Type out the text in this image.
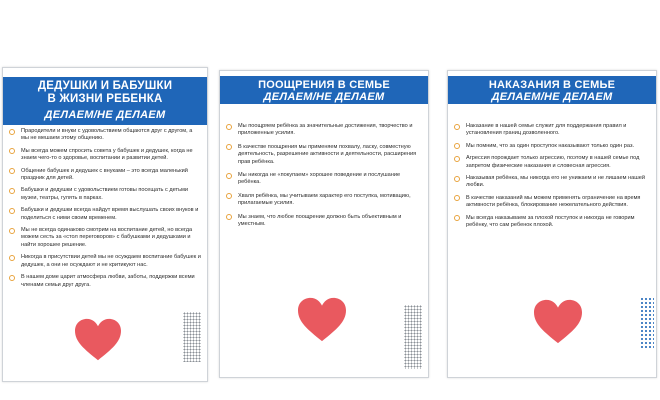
ДЕДУШКИ И БАБУШКИ
В ЖИЗНИ РЕБЕНКА
ДЕЛАЕМ/НЕ ДЕЛАЕМ
Прародители и внуки с удовольствием общаются друг с другом, а мы не мешаем этому общению.
Мы всегда можем спросить совета у бабушек и дедушек, когда не знаем чего-то о здоровье, воспитании и развитии детей.
Общение бабушек и дедушек с внуками – это всегда маленький праздник для детей.
Бабушки и дедушки с удовольствием готовы посещать с детьми музеи, театры, гулять в парках.
Бабушки и дедушки всегда найдут время выслушать своих внуков и поделиться с ними своим временем.
Мы не всегда одинаково смотрим на воспитание детей, но всегда можем сесть за «стол переговоров» с бабушками и дедушками и найти хорошее решение.
Никогда в присутствии детей мы не осуждаем воспитание бабушек и дедушек, а они не осуждают и не критикуют нас.
В нашем доме царит атмосфера любви, заботы, поддержки всеми членами семьи друг друга.
ПООЩРЕНИЯ В СЕМЬЕ
ДЕЛАЕМ/НЕ ДЕЛАЕМ
Мы поощряем ребёнка за значительные достижения, творчество и приложенные усилия.
В качестве поощрения мы применяем похвалу, ласку, совместную деятельность, разрешение активности и деятельности, расширения прав ребёнка.
Мы никогда не «покупаем» хорошее поведение и послушание ребёнка.
Хваля ребёнка, мы учитываем характер его поступка, мотивацию, прилагаемые усилия.
Мы знаем, что любое поощрение должно быть объективным и уместным.
НАКАЗАНИЯ В СЕМЬЕ
ДЕЛАЕМ/НЕ ДЕЛАЕМ
Наказание в нашей семье служит для поддержания правил и установления границ дозволенного.
Мы помним, что за один проступок наказывают только один раз.
Агрессия порождает только агрессию, поэтому в нашей семье под запретом физические наказания и словесная агрессия.
Наказывая ребёнка, мы никогда его не унижаем и не лишаем нашей любви.
В качестве наказаний мы можем применять ограничение на время активности ребёнка, блокирование нежелательного действия.
Мы всегда наказываем за плохой поступок и никогда не говорим ребёнку, что сам ребенок плохой.
